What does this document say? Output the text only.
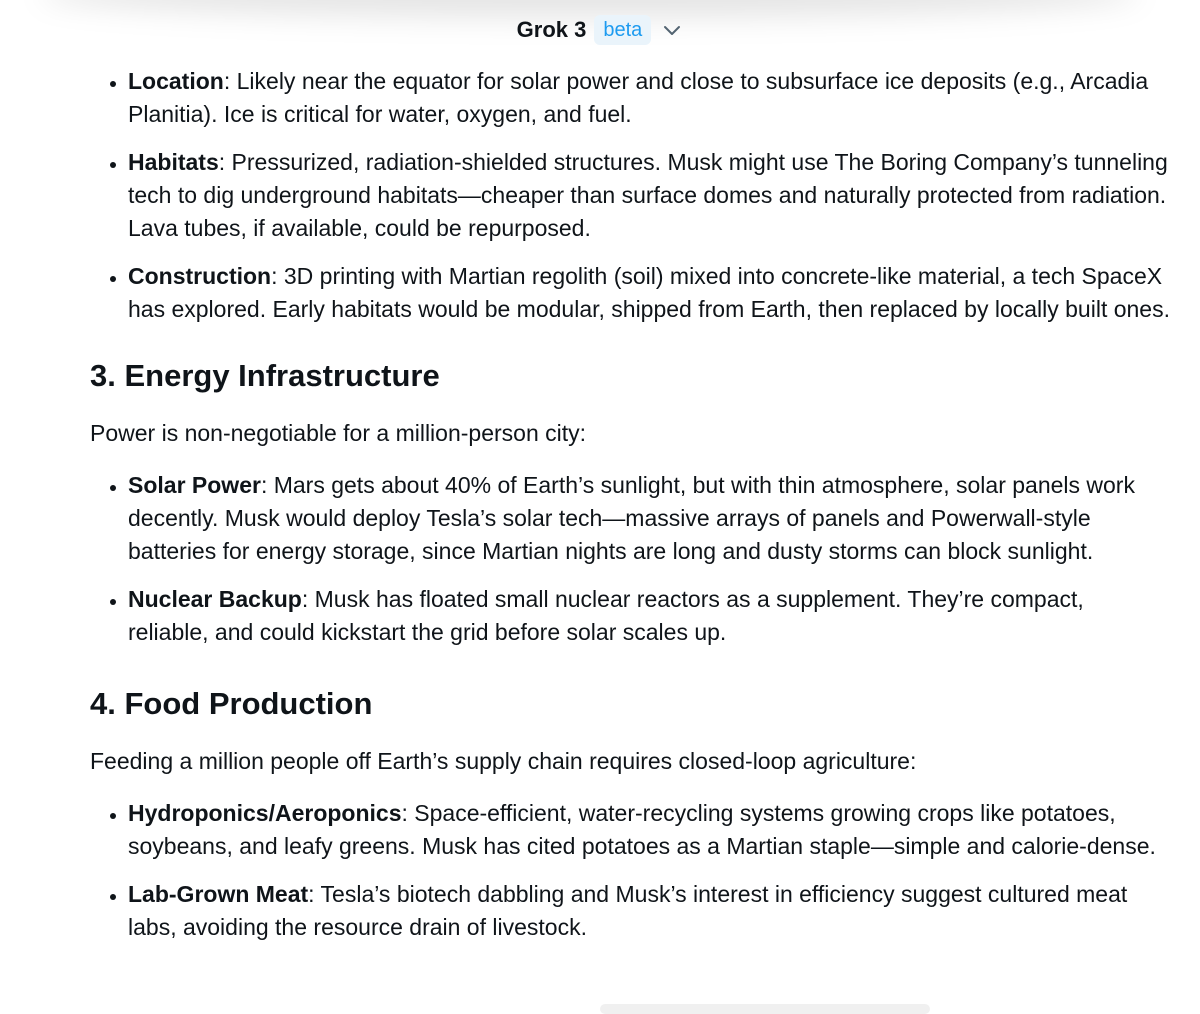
Grok 3 beta
• Location: Likely near the equator for solar power and close to subsurface ice deposits (e.g., Arcadia Planitia). Ice is critical for water, oxygen, and fuel.
• Habitats: Pressurized, radiation-shielded structures. Musk might use The Boring Company’s tunneling tech to dig underground habitats—cheaper than surface domes and naturally protected from radiation. Lava tubes, if available, could be repurposed.
• Construction: 3D printing with Martian regolith (soil) mixed into concrete-like material, a tech SpaceX has explored. Early habitats would be modular, shipped from Earth, then replaced by locally built ones.
3. Energy Infrastructure

Power is non-negotiable for a million-person city:

• Solar Power: Mars gets about 40% of Earth’s sunlight, but with thin atmosphere, solar panels work decently. Musk would deploy Tesla’s solar tech—massive arrays of panels and Powerwall-style batteries for energy storage, since Martian nights are long and dusty storms can block sunlight.
• Nuclear Backup: Musk has floated small nuclear reactors as a supplement. They’re compact, reliable, and could kickstart the grid before solar scales up.
4. Food Production

Feeding a million people off Earth’s supply chain requires closed-loop agriculture:

• Hydroponics/Aeroponics: Space-efficient, water-recycling systems growing crops like potatoes, soybeans, and leafy greens. Musk has cited potatoes as a Martian staple—simple and calorie-dense.
• Lab-Grown Meat: Tesla’s biotech dabbling and Musk’s interest in efficiency suggest cultured meat labs, avoiding the resource drain of livestock.
